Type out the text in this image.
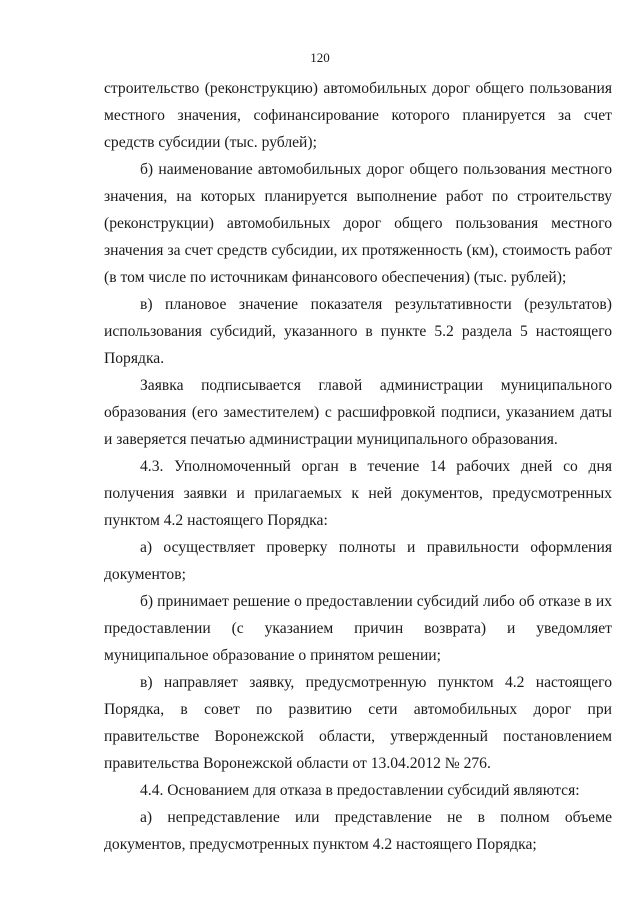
120

строительство (реконструкцию) автомобильных дорог общего пользования местного значения, софинансирование которого планируется за счет средств субсидии (тыс. рублей);

б) наименование автомобильных дорог общего пользования местного значения, на которых планируется выполнение работ по строительству (реконструкции) автомобильных дорог общего пользования местного значения за счет средств субсидии, их протяженность (км), стоимость работ (в том числе по источникам финансового обеспечения) (тыс. рублей);

в) плановое значение показателя результативности (результатов) использования субсидий, указанного в пункте 5.2 раздела 5 настоящего Порядка.

Заявка подписывается главой администрации муниципального образования (его заместителем) с расшифровкой подписи, указанием даты и заверяется печатью администрации муниципального образования.

4.3. Уполномоченный орган в течение 14 рабочих дней со дня получения заявки и прилагаемых к ней документов, предусмотренных пунктом 4.2 настоящего Порядка:

а) осуществляет проверку полноты и правильности оформления документов;

б) принимает решение о предоставлении субсидий либо об отказе в их предоставлении (с указанием причин возврата) и уведомляет муниципальное образование о принятом решении;

в) направляет заявку, предусмотренную пунктом 4.2 настоящего Порядка, в совет по развитию сети автомобильных дорог при правительстве Воронежской области, утвержденный постановлением правительства Воронежской области от 13.04.2012 № 276.

4.4. Основанием для отказа в предоставлении субсидий являются:

а) непредставление или представление не в полном объеме документов, предусмотренных пунктом 4.2 настоящего Порядка;
